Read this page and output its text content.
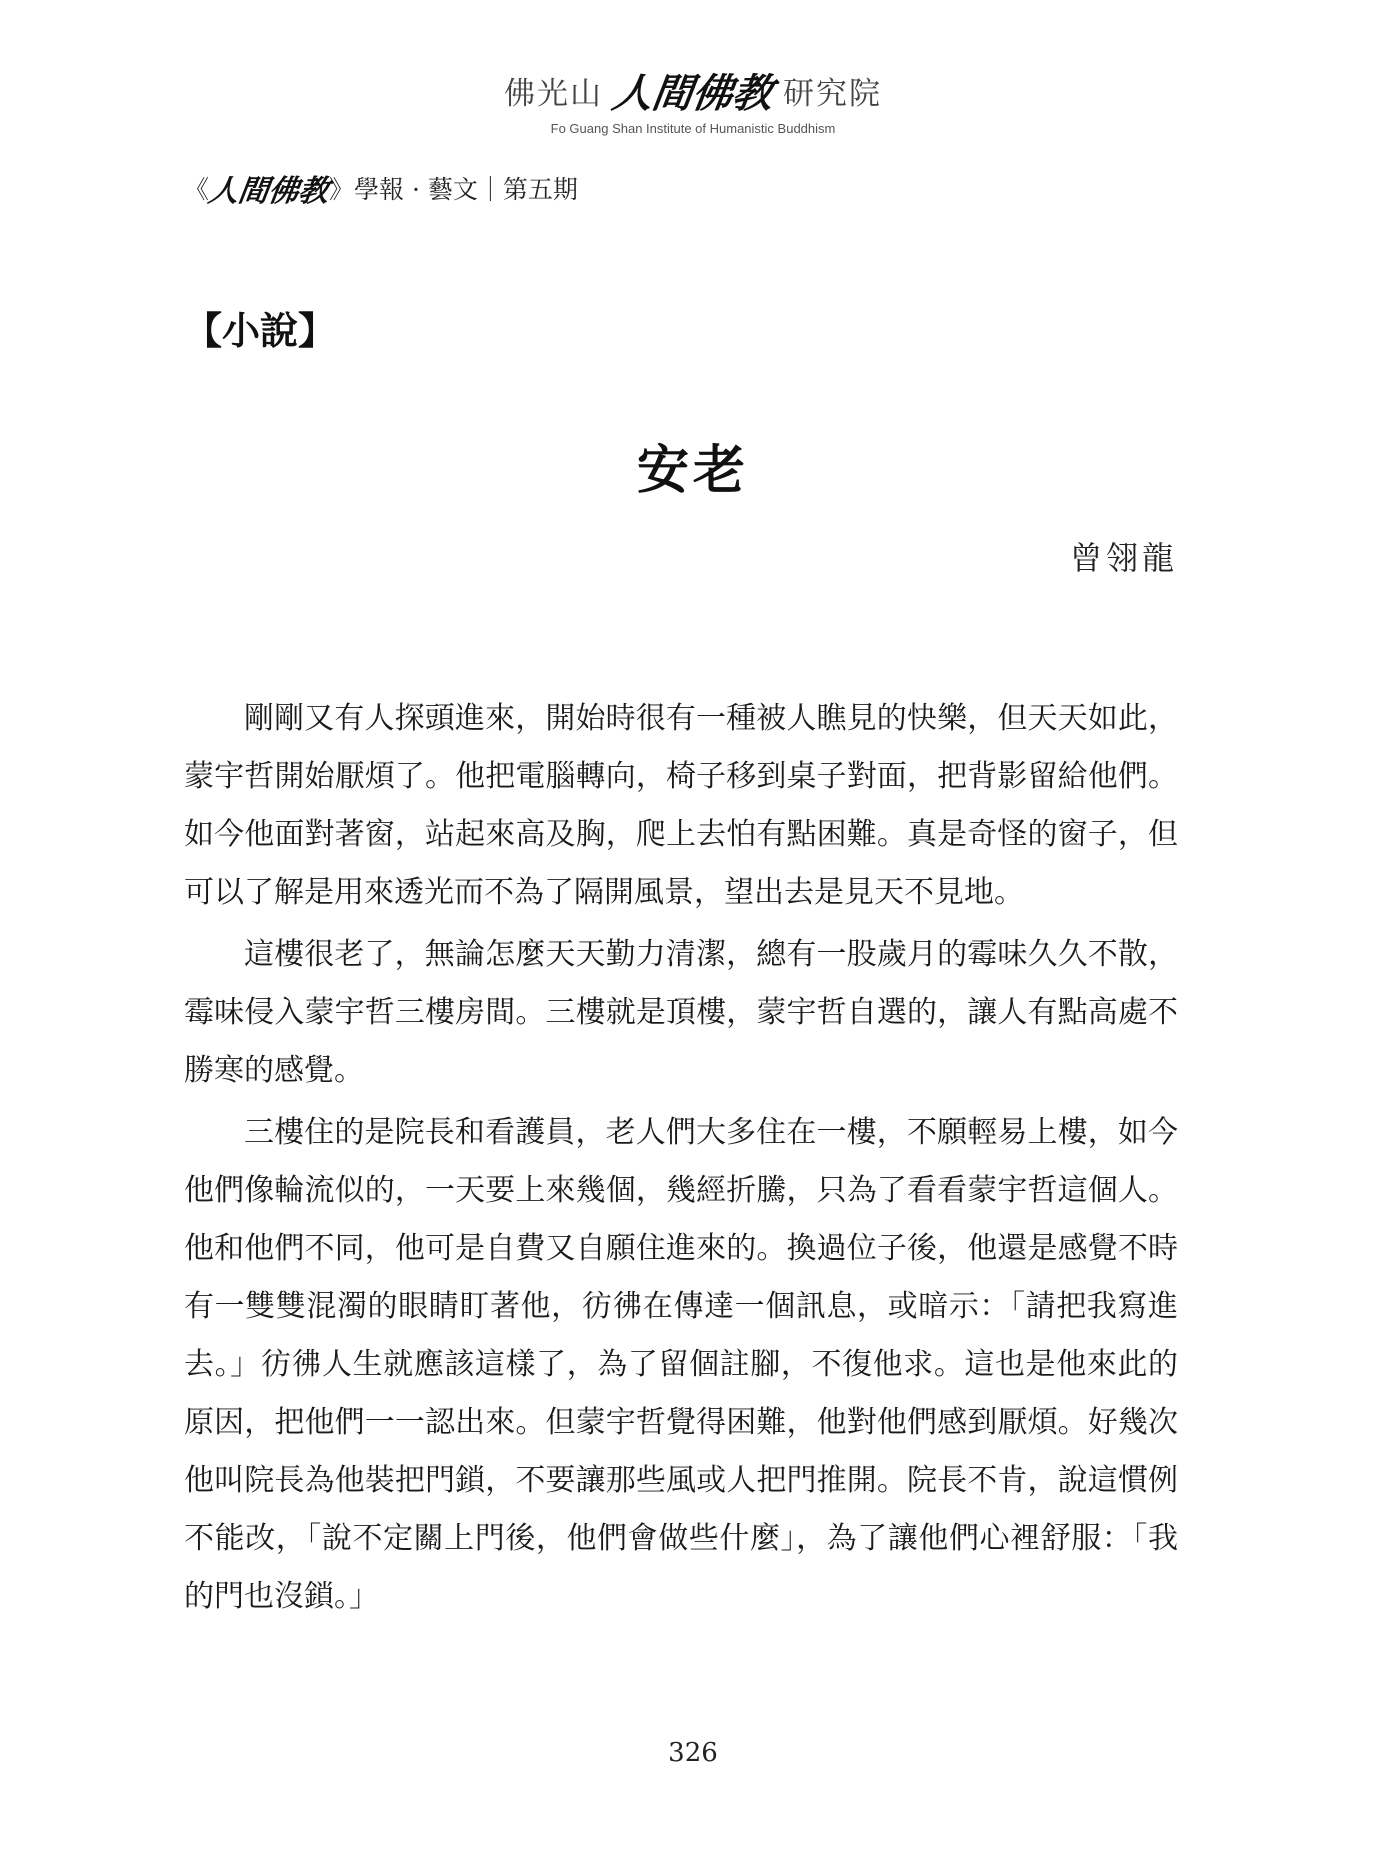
佛光山 人間佛教 研究院
Fo Guang Shan Institute of Humanistic Buddhism
《
人間佛教
》學報 · 藝文｜第五期
【小說】
安老
曾翎龍

剛剛又有人探頭進來，開始時很有一種被人瞧見的快樂，但天天如此，蒙宇哲開始厭煩了。他把電腦轉向，椅子移到桌子對面，把背影留給他們。如今他面對著窗，站起來高及胸，爬上去怕有點困難。真是奇怪的窗子，但可以了解是用來透光而不為了隔開風景，望出去是見天不見地。

這樓很老了，無論怎麼天天勤力清潔，總有一股歲月的霉味久久不散，霉味侵入蒙宇哲三樓房間。三樓就是頂樓，蒙宇哲自選的，讓人有點高處不勝寒的感覺。

三樓住的是院長和看護員，老人們大多住在一樓，不願輕易上樓，如今他們像輪流似的，一天要上來幾個，幾經折騰，只為了看看蒙宇哲這個人。他和他們不同，他可是自費又自願住進來的。換過位子後，他還是感覺不時有一雙雙混濁的眼睛盯著他，彷彿在傳達一個訊息，或暗示：「請把我寫進去。」彷彿人生就應該這樣了，為了留個註腳，不復他求。這也是他來此的原因，把他們一一認出來。但蒙宇哲覺得困難，他對他們感到厭煩。好幾次他叫院長為他裝把門鎖，不要讓那些風或人把門推開。院長不肯，說這慣例不能改，「說不定關上門後，他們會做些什麼」，為了讓他們心裡舒服：「我的門也沒鎖。」

326
